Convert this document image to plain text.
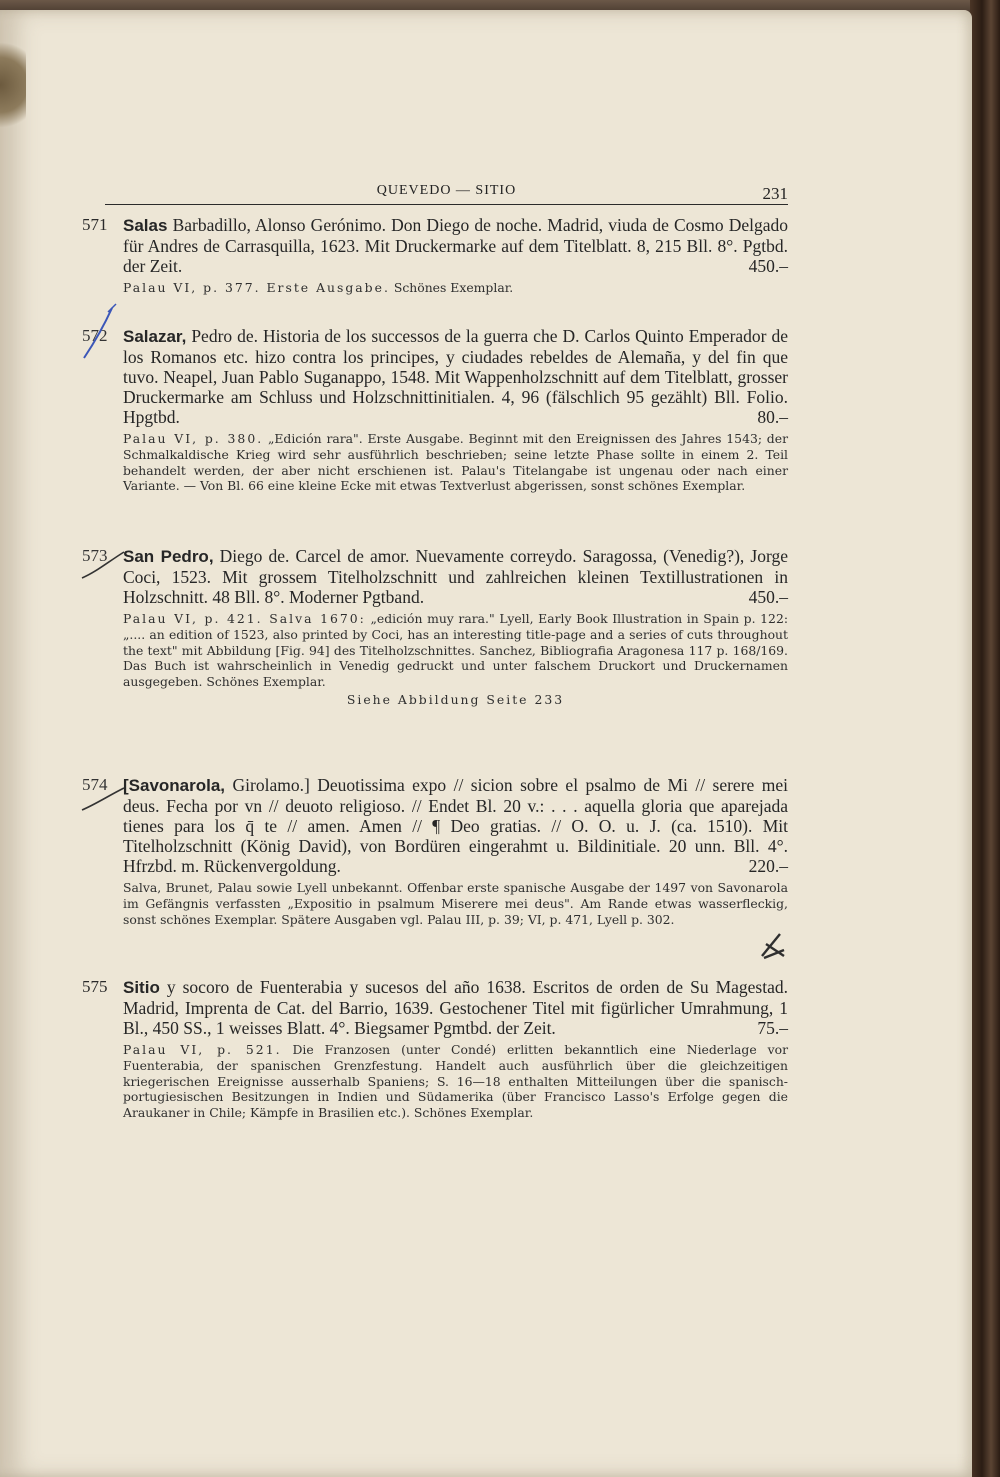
QUEVEDO — SITIO	231
571 Salas Barbadillo, Alonso Gerónimo. Don Diego de noche. Madrid, viuda de Cosmo Delgado für Andres de Carrasquilla, 1623. Mit Druckermarke auf dem Titelblatt. 8, 215 Bll. 8°. Pgtbd. der Zeit.	450.–
Palau VI, p. 377. Erste Ausgabe. Schönes Exemplar.
572 Salazar, Pedro de. Historia de los successos de la guerra che D. Carlos Quinto Emperador de los Romanos etc. hizo contra los principes, y ciudades rebeldes de Alemaña, y del fin que tuvo. Neapel, Juan Pablo Suganappo, 1548. Mit Wappenholzschnitt auf dem Titelblatt, grosser Druckermarke am Schluss und Holzschnittinitialen. 4, 96 (fälschlich 95 gezählt) Bll. Folio. Hpgtbd.	80.–
Palau VI, p. 380. „Edición rara". Erste Ausgabe. Beginnt mit den Ereignissen des Jahres 1543; der Schmalkaldische Krieg wird sehr ausführlich beschrieben; seine letzte Phase sollte in einem 2. Teil behandelt werden, der aber nicht erschienen ist. Palau's Titelangabe ist ungenau oder nach einer Variante. — Von Bl. 66 eine kleine Ecke mit etwas Textverlust abgerissen, sonst schönes Exemplar.
573 San Pedro, Diego de. Carcel de amor. Nuevamente correydo. Saragossa, (Venedig?), Jorge Coci, 1523. Mit grossem Titelholzschnitt und zahlreichen kleinen Textillustrationen in Holzschnitt. 48 Bll. 8°. Moderner Pgtband.	450.–
Palau VI, p. 421. Salva 1670: „edición muy rara." Lyell, Early Book Illustration in Spain p. 122: „.... an edition of 1523, also printed by Coci, has an interesting title-page and a series of cuts throughout the text" mit Abbildung [Fig. 94] des Titelholzschnittes. Sanchez, Bibliografia Aragonesa 117 p. 168/169. Das Buch ist wahrscheinlich in Venedig gedruckt und unter falschem Druckort und Druckernamen ausgegeben. Schönes Exemplar.
Siehe Abbildung Seite 233
574 [Savonarola, Girolamo.] Deuotissima expo // sicion sobre el psalmo de Mi // serere mei deus. Fecha por vn // deuoto religioso. // Endet Bl. 20 v.: . . . aquella gloria que aparejada tienes para los q̄ te // amen. Amen // ¶ Deo gratias. // O. O. u. J. (ca. 1510). Mit Titelholzschnitt (König David), von Bordüren eingerahmt u. Bildinitiale. 20 unn. Bll. 4°. Hfrzbd. m. Rückenvergoldung.	220.–
Salva, Brunet, Palau sowie Lyell unbekannt. Offenbar erste spanische Ausgabe der 1497 von Savonarola im Gefängnis verfassten „Expositio in psalmum Miserere mei deus". Am Rande etwas wasserfleckig, sonst schönes Exemplar. Spätere Ausgaben vgl. Palau III, p. 39; VI, p. 471, Lyell p. 302.
575 Sitio y socoro de Fuenterabia y sucesos del año 1638. Escritos de orden de Su Magestad. Madrid, Imprenta de Cat. del Barrio, 1639. Gestochener Titel mit figürlicher Umrahmung, 1 Bl., 450 SS., 1 weisses Blatt. 4°. Biegsamer Pgmtbd. der Zeit.	75.–
Palau VI, p. 521. Die Franzosen (unter Condé) erlitten bekanntlich eine Niederlage vor Fuenterabia, der spanischen Grenzfestung. Handelt auch ausführlich über die gleichzeitigen kriegerischen Ereignisse ausserhalb Spaniens; S. 16—18 enthalten Mitteilungen über die spanisch-portugiesischen Besitzungen in Indien und Südamerika (über Francisco Lasso's Erfolge gegen die Araukaner in Chile; Kämpfe in Brasilien etc.). Schönes Exemplar.
